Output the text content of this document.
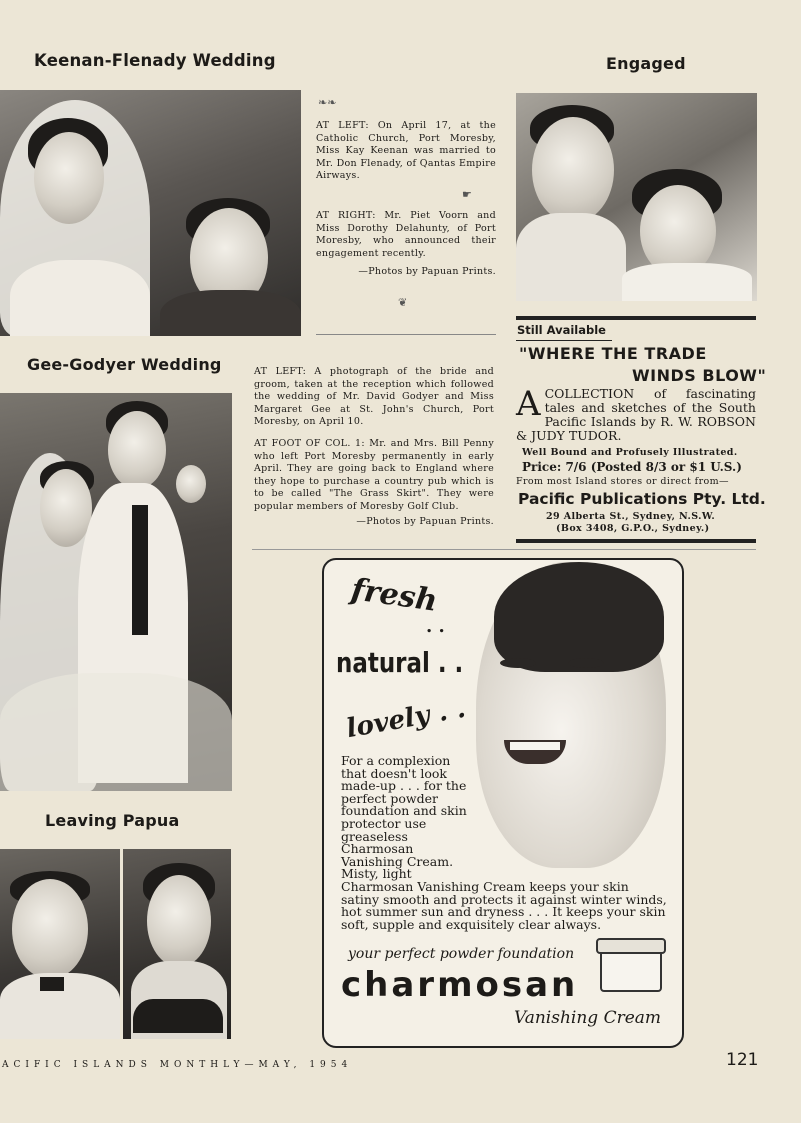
Keenan-Flenady Wedding
❧❧
AT LEFT: On April 17, at the Catholic Church, Port Moresby, Miss Kay Keenan was married to Mr. Don Flenady, of Qantas Empire Airways.
☛
AT RIGHT: Mr. Piet Voorn and Miss Dorothy Delahunty, of Port Moresby, who announced their engagement recently.
—Photos by Papuan Prints.
❦
Engaged
Still Available
"WHERE THE TRADE
WINDS BLOW"
ACOLLECTION of fascinating tales and sketches of the South Pacific Islands by R. W. ROBSON & JUDY TUDOR.
Well Bound and Profusely Illustrated.
Price: 7/6 (Posted 8/3 or $1 U.S.)
From most Island stores or direct from—
Pacific Publications Pty. Ltd.
29 Alberta St., Sydney, N.S.W.
(Box 3408, G.P.O., Sydney.)
Gee-Godyer Wedding	AT LEFT: A photograph of the bride and groom, taken at the reception which followed the wedding of Mr. David Godyer and Miss Margaret Gee at St. John's Church, Port Moresby, on April 10.
AT FOOT OF COL. 1: Mr. and Mrs. Bill Penny who left Port Moresby permanently in early April. They are going back to England where they hope to purchase a country pub which is to be called "The Grass Skirt". They were popular members of Moresby Golf Club.
—Photos by Papuan Prints.
Leaving Papua
fresh
. .
natural . .
lovely . .
For a complexion that doesn't look made-up . . . for the perfect powder foundation and skin protector use greaseless Charmosan Vanishing Cream. Misty, light Charmosan Vanishing Cream keeps your skin satiny smooth and protects it against winter winds, hot summer sun and dryness . . . It keeps your skin soft, supple and exquisitely clear always.
your perfect powder foundation
charmosan
Vanishing Cream
ACIFIC ISLANDS MONTHLY—MAY, 1954	121
